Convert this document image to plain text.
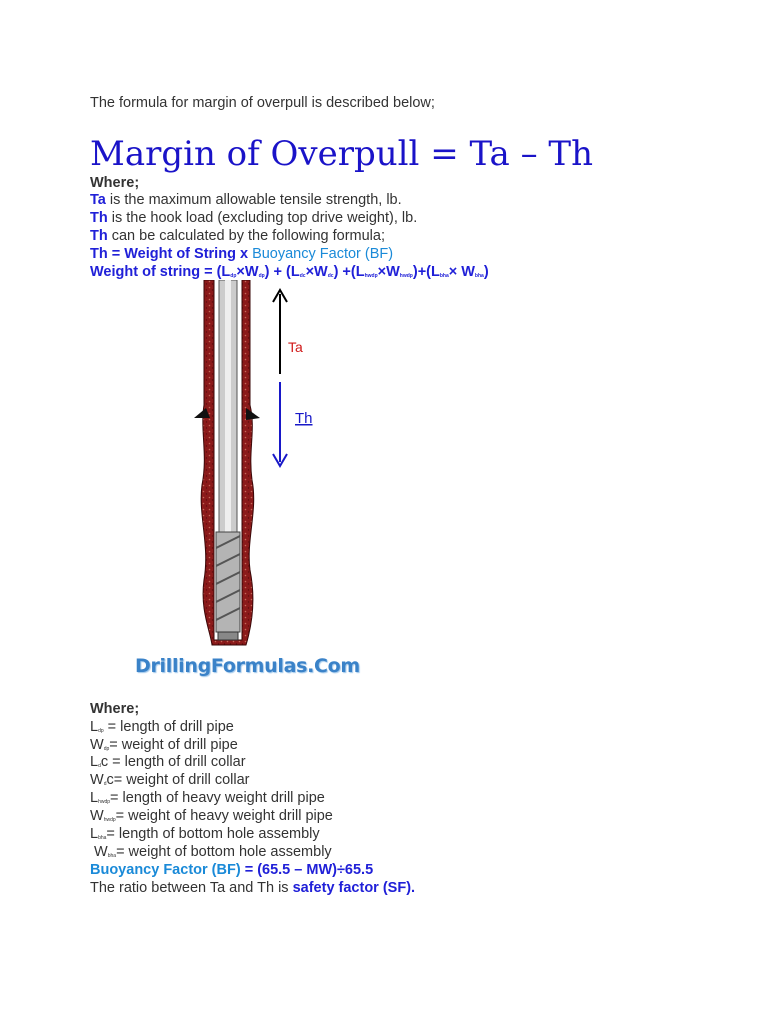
The formula for margin of overpull is described below;
Margin of Overpull = Ta – Th
Where;
Ta is the maximum allowable tensile strength, lb.
Th is the hook load (excluding top drive weight), lb.
Th can be calculated by the following formula;
Th = Weight of String x Buoyancy Factor (BF)
Weight of string = $(L_{dp}\times W_{dp}) + (L_{dc}\times W_{dc}) +(L_{hwdp}\times W_{hwdp})+(L_{bha}\times W_{bha})$
Ta
Th
DrillingFormulas.Com
Where;
$L_{dp}$ = length of drill pipe
$W_{dp}=$ weight of drill pipe
$L_dc$ = length of drill collar
$W_dc=$ weight of drill collar
$L_{hwdp}=$ length of heavy weight drill pipe
$W_{hwdp}=$ weight of heavy weight drill pipe
$L_{bha}=$ length of bottom hole assembly
$W_{bha}=$ weight of bottom hole assembly
Buoyancy Factor (BF) = (65.5 – MW)÷65.5
The ratio between Ta and Th is safety factor (SF).
